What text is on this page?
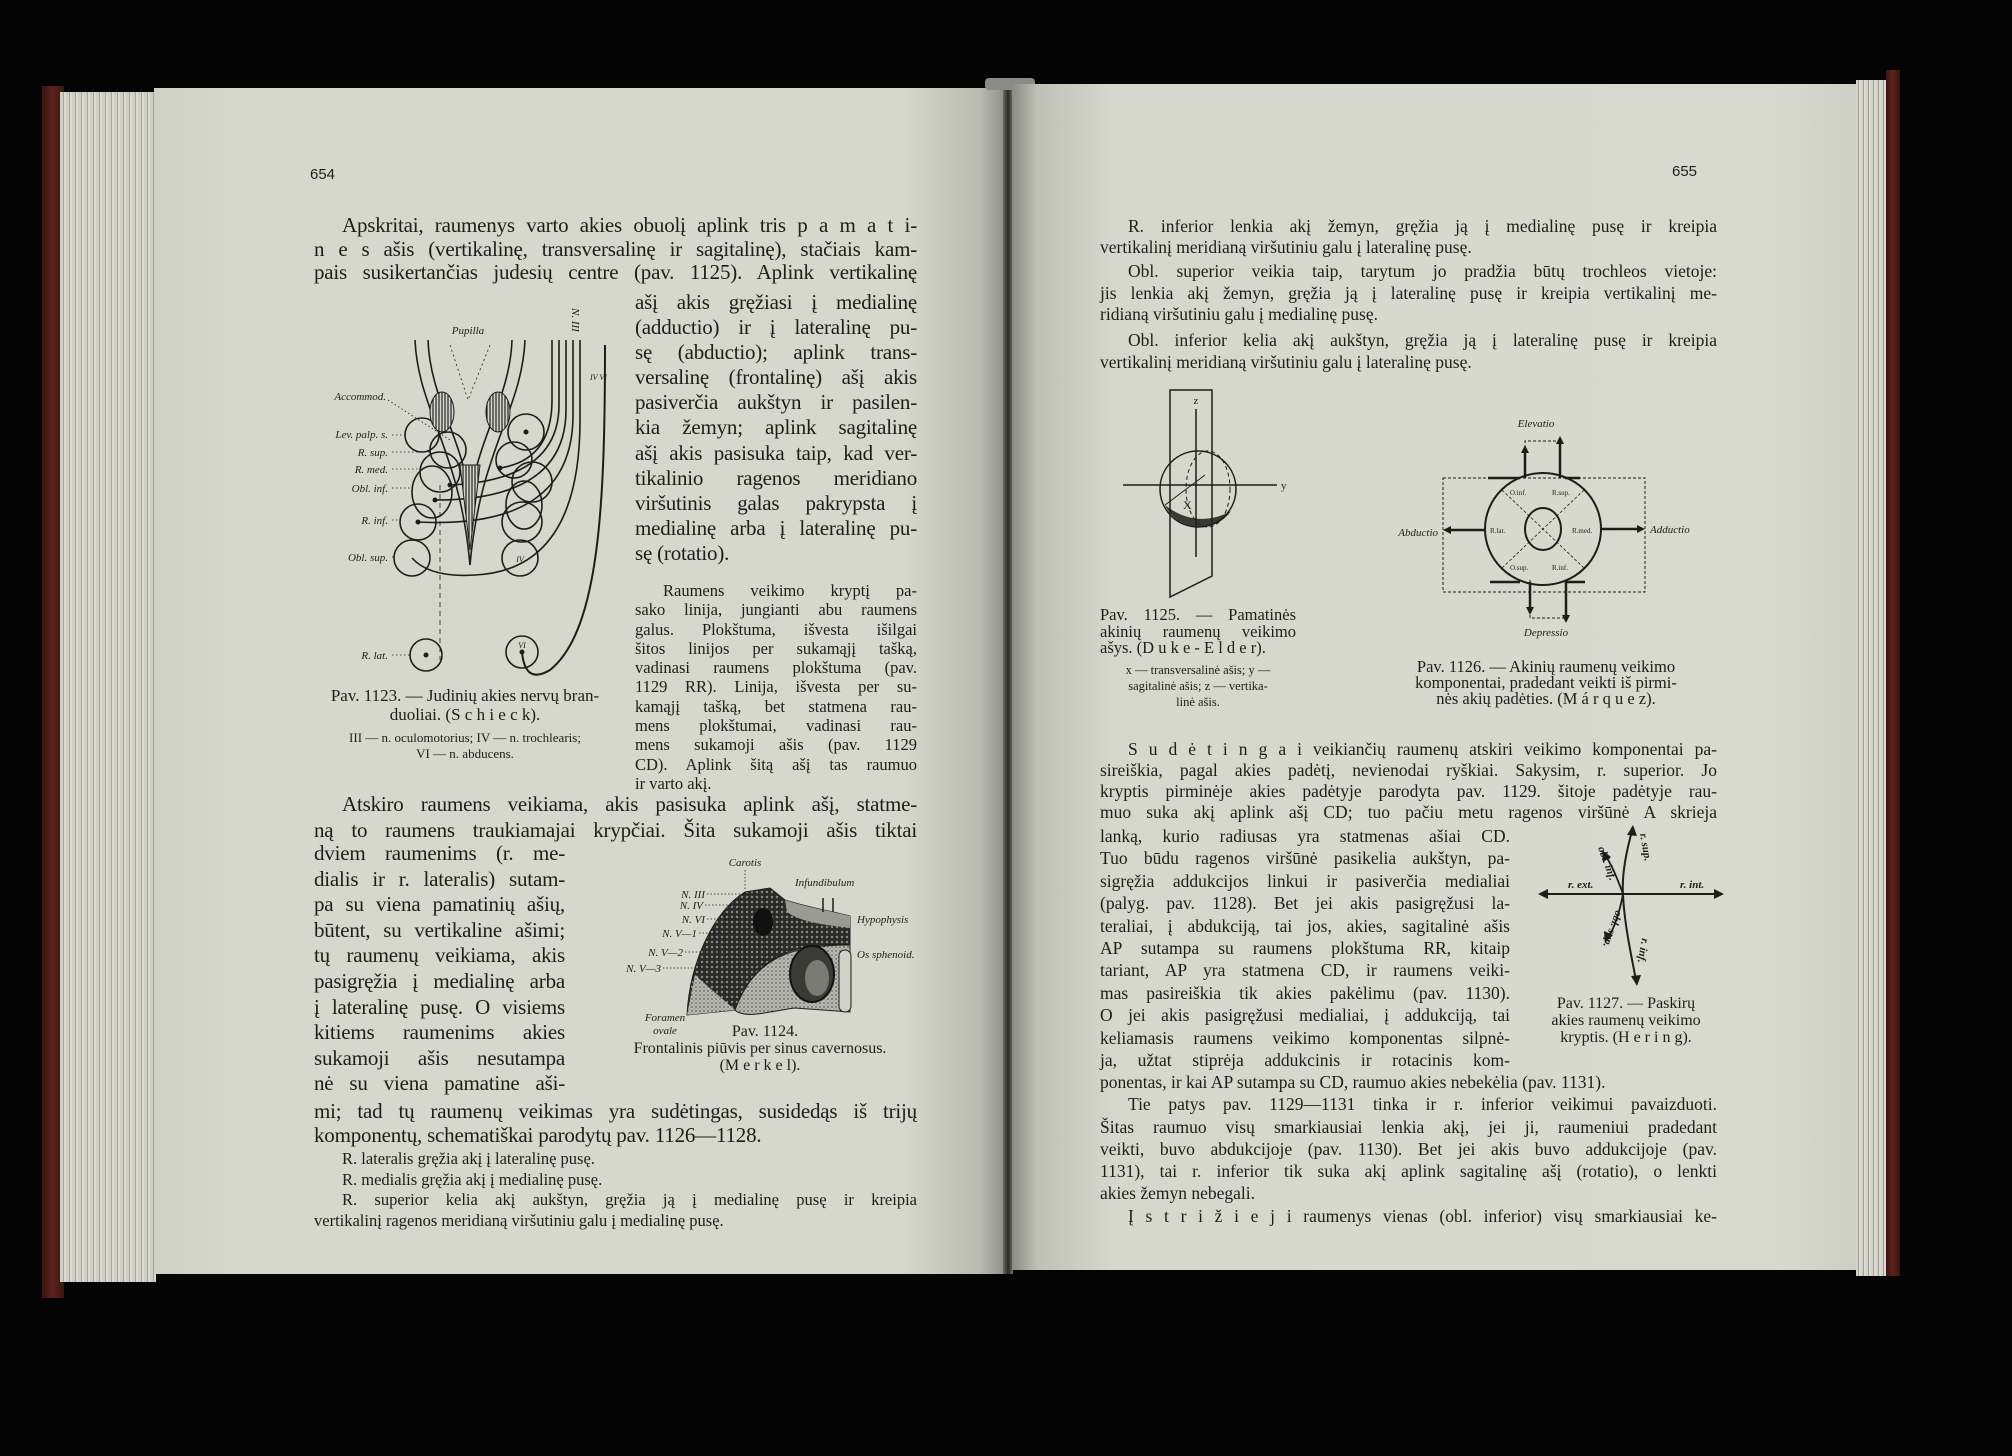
654
Apskritai, raumenys varto akies obuolį aplink tris p a m a t i-
n e s ašis (vertikalinę, transversalinę ir sagitalinę), stačiais kam-
pais susikertančias judesių centre (pav. 1125). Aplink vertikalinę
ašį akis gręžiasi į medialinę
(adductio) ir į lateralinę pu-
sę (abductio); aplink trans-
versalinę (frontalinę) ašį akis
pasiverčia aukštyn ir pasilen-
kia žemyn; aplink sagitalinę
ašį akis pasisuka taip, kad ver-
tikalinio ragenos meridiano
viršutinis galas pakrypsta į
medialinę arba į lateralinę pu-
sę (rotatio).
Raumens veikimo kryptį pa-
sako linija, jungianti abu raumens
galus. Plokštuma, išvesta išilgai
šitos linijos per sukamąjį tašką,
vadinasi raumens plokštuma (pav.
1129 RR). Linija, išvesta per su-
kamąjį tašką, bet statmena rau-
mens plokštumai, vadinasi rau-
mens sukamoji ašis (pav. 1129
CD). Aplink šitą ašį tas raumuo
ir varto akį.
Pupilla	N. III
IV VI
Accommod.
Lev. palp. s.
R. sup.
R. med.
Obl. inf.
R. inf.
Obl. sup.
R. lat.
IV
VI
Pav. 1123. — Judinių akies nervų bran-
duoliai. (S c h i e c k).
III — n. oculomotorius; IV — n. trochlearis;
VI — n. abducens.
Atskiro raumens veikiama, akis pasisuka aplink ašį, statme-
ną to raumens traukiamajai krypčiai. Šita sukamoji ašis tiktai
dviem raumenims (r. me-
dialis ir r. lateralis) sutam-
pa su viena pamatinių ašių,
būtent, su vertikaline ašimi;
tų raumenų veikiama, akis
pasigręžia į medialinę arba
į lateralinę pusę. O visiems
kitiems raumenims akies
sukamoji ašis nesutampa
nė su viena pamatine aši-
Carotis
Infundibulum
N. III
N. IV
N. VI
N. V—1
N. V—2
N. V—3
Hypophysis
Os sphenoid.
Foramen
ovale	Pav. 1124.
Frontalinis piūvis per sinus cavernosus.
(M e r k e l).
mi; tad tų raumenų veikimas yra sudėtingas, susidedąs iš trijų
komponentų, schematiškai parodytų pav. 1126—1128.
R. lateralis gręžia akį į lateralinę pusę.
R. medialis gręžia akį į medialinę pusę.
R. superior kelia akį aukštyn, gręžia ją į medialinę pusę ir kreipia
vertikalinį ragenos meridianą viršutiniu galu į medialinę pusę.
655
R. inferior lenkia akį žemyn, gręžia ją į medialinę pusę ir kreipia
vertikalinį meridianą viršutiniu galu į lateralinę pusę.
Obl. superior veikia taip, tarytum jo pradžia būtų trochleos vietoje:
jis lenkia akį žemyn, gręžia ją į lateralinę pusę ir kreipia vertikalinį me-
ridianą viršutiniu galu į medialinę pusę.
Obl. inferior kelia akį aukštyn, gręžia ją į lateralinę pusę ir kreipia
vertikalinį meridianą viršutiniu galu į lateralinę pusę.
z
y
X
Pav. 1125. — Pamatinės
akinių raumenų veikimo
ašys. (D u k e - E l d e r).
x — transversalinė ašis; y —
sagitalinė ašis; z — vertika-
linė ašis.
Elevatio
Depressio
Abductio	Adductio
R.lat.	R.med.
O.inf.	R.sup.
O.sup.	R.inf.
Pav. 1126. — Akinių raumenų veikimo
komponentai, pradedant veikti iš pirmi-
nės akių padėties. (M á r q u e z).
S u d ė t i n g a i veikiančių raumenų atskiri veikimo komponentai pa-
sireiškia, pagal akies padėtį, nevienodai ryškiai. Sakysim, r. superior. Jo
kryptis pirminėje akies padėtyje parodyta pav. 1129. šitoje padėtyje rau-
muo suka akį aplink ašį CD; tuo pačiu metu ragenos viršūnė A skrieja
lanką, kurio radiusas yra statmenas ašiai CD.
Tuo būdu ragenos viršūnė pasikelia aukštyn, pa-
sigręžia addukcijos linkui ir pasiverčia medialiai
(palyg. pav. 1128). Bet jei akis pasigręžusi la-
teraliai, į abdukciją, tai jos, akies, sagitalinė ašis
AP sutampa su raumens plokštuma RR, kitaip
tariant, AP yra statmena CD, ir raumens veiki-
mas pasireiškia tik akies pakėlimu (pav. 1130).
O jei akis pasigręžusi medialiai, į addukciją, tai
keliamasis raumens veikimo komponentas silpnė-
ja, užtat stiprėja addukcinis ir rotacinis kom-
r. ext.	r. int.
r. sup.
obl. inf.
obl. sup.
r. inf.
Pav. 1127. — Paskirų
akies raumenų veikimo
kryptis. (H e r i n g).
ponentas, ir kai AP sutampa su CD, raumuo akies nebekėlia (pav. 1131).
Tie patys pav. 1129—1131 tinka ir r. inferior veikimui pavaizduoti.
Šitas raumuo visų smarkiausiai lenkia akį, jei ji, raumeniui pradedant
veikti, buvo abdukcijoje (pav. 1130). Bet jei akis buvo addukcijoje (pav.
1131), tai r. inferior tik suka akį aplink sagitalinę ašį (rotatio), o lenkti
akies žemyn nebegali.
Į s t r i ž i e j i raumenys vienas (obl. inferior) visų smarkiausiai ke-
